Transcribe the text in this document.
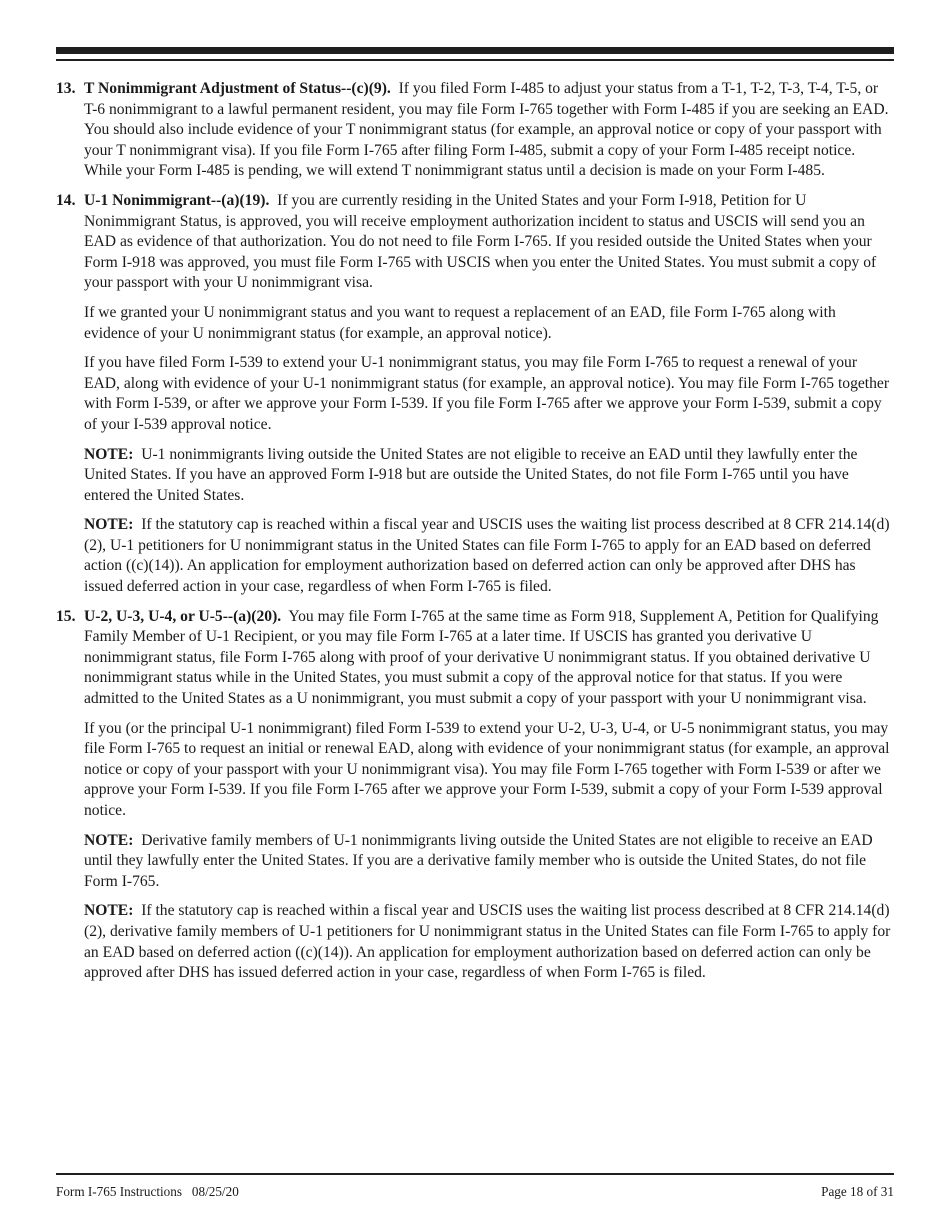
13. T Nonimmigrant Adjustment of Status--(c)(9). If you filed Form I-485 to adjust your status from a T-1, T-2, T-3, T-4, T-5, or T-6 nonimmigrant to a lawful permanent resident, you may file Form I-765 together with Form I-485 if you are seeking an EAD. You should also include evidence of your T nonimmigrant status (for example, an approval notice or copy of your passport with your T nonimmigrant visa). If you file Form I-765 after filing Form I-485, submit a copy of your Form I-485 receipt notice. While your Form I-485 is pending, we will extend T nonimmigrant status until a decision is made on your Form I-485.

14. U-1 Nonimmigrant--(a)(19). If you are currently residing in the United States and your Form I-918, Petition for U Nonimmigrant Status, is approved, you will receive employment authorization incident to status and USCIS will send you an EAD as evidence of that authorization. You do not need to file Form I-765. If you resided outside the United States when your Form I-918 was approved, you must file Form I-765 with USCIS when you enter the United States. You must submit a copy of your passport with your U nonimmigrant visa.

If we granted your U nonimmigrant status and you want to request a replacement of an EAD, file Form I-765 along with evidence of your U nonimmigrant status (for example, an approval notice).

If you have filed Form I-539 to extend your U-1 nonimmigrant status, you may file Form I-765 to request a renewal of your EAD, along with evidence of your U-1 nonimmigrant status (for example, an approval notice). You may file Form I-765 together with Form I-539, or after we approve your Form I-539. If you file Form I-765 after we approve your Form I-539, submit a copy of your I-539 approval notice.

NOTE: U-1 nonimmigrants living outside the United States are not eligible to receive an EAD until they lawfully enter the United States. If you have an approved Form I-918 but are outside the United States, do not file Form I-765 until you have entered the United States.

NOTE: If the statutory cap is reached within a fiscal year and USCIS uses the waiting list process described at 8 CFR 214.14(d)(2), U-1 petitioners for U nonimmigrant status in the United States can file Form I-765 to apply for an EAD based on deferred action ((c)(14)). An application for employment authorization based on deferred action can only be approved after DHS has issued deferred action in your case, regardless of when Form I-765 is filed.

15. U-2, U-3, U-4, or U-5--(a)(20). You may file Form I-765 at the same time as Form 918, Supplement A, Petition for Qualifying Family Member of U-1 Recipient, or you may file Form I-765 at a later time. If USCIS has granted you derivative U nonimmigrant status, file Form I-765 along with proof of your derivative U nonimmigrant status. If you obtained derivative U nonimmigrant status while in the United States, you must submit a copy of the approval notice for that status. If you were admitted to the United States as a U nonimmigrant, you must submit a copy of your passport with your U nonimmigrant visa.

If you (or the principal U-1 nonimmigrant) filed Form I-539 to extend your U-2, U-3, U-4, or U-5 nonimmigrant status, you may file Form I-765 to request an initial or renewal EAD, along with evidence of your nonimmigrant status (for example, an approval notice or copy of your passport with your U nonimmigrant visa). You may file Form I-765 together with Form I-539 or after we approve your Form I-539. If you file Form I-765 after we approve your Form I-539, submit a copy of your Form I-539 approval notice.

NOTE: Derivative family members of U-1 nonimmigrants living outside the United States are not eligible to receive an EAD until they lawfully enter the United States. If you are a derivative family member who is outside the United States, do not file Form I-765.

NOTE: If the statutory cap is reached within a fiscal year and USCIS uses the waiting list process described at 8 CFR 214.14(d)(2), derivative family members of U-1 petitioners for U nonimmigrant status in the United States can file Form I-765 to apply for an EAD based on deferred action ((c)(14)). An application for employment authorization based on deferred action can only be approved after DHS has issued deferred action in your case, regardless of when Form I-765 is filed.

Form I-765 Instructions   08/25/20	Page 18 of 31
